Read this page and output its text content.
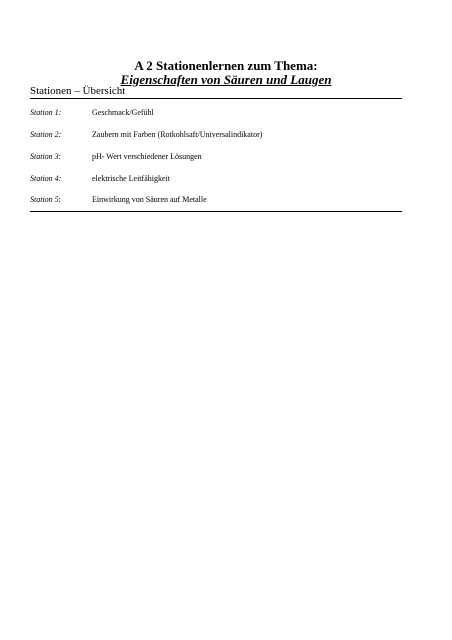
A 2 Stationenlernen zum Thema:
Eigenschaften von Säuren und Laugen
Stationen – Übersicht
Station 1:	Geschmack/Gefühl
Station 2:	Zaubern mit Farben (Rotkohlsaft/Universalindikator)
Station 3:	pH- Wert verschiedener Lösungen
Station 4:	elektrische Leitfähigkeit
Station 5:	Einwirkung von Säuren auf Metalle
